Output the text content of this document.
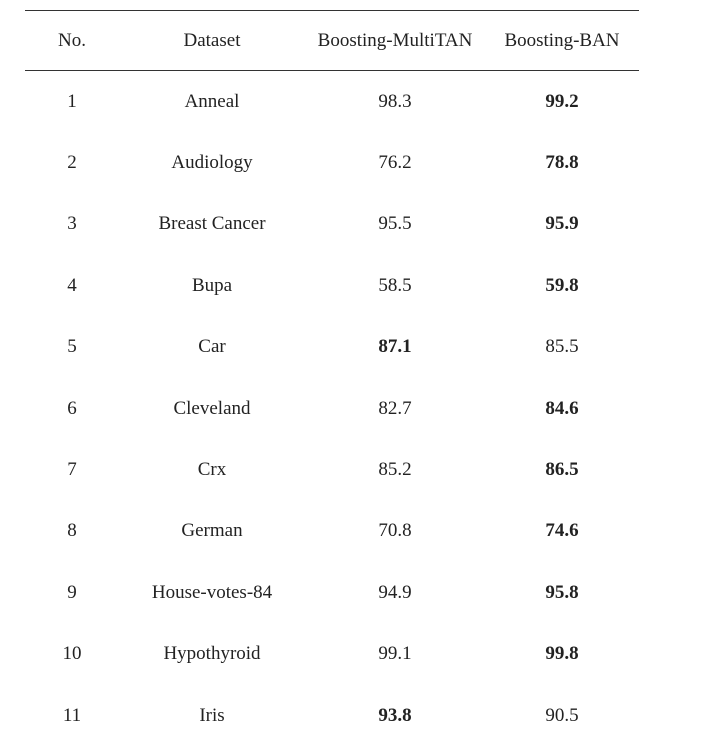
No.	Dataset	Boosting-MultiTAN	Boosting-BAN
1	Anneal	98.3	99.2
2	Audiology	76.2	78.8
3	Breast Cancer	95.5	95.9
4	Bupa	58.5	59.8
5	Car	87.1	85.5
6	Cleveland	82.7	84.6
7	Crx	85.2	86.5
8	German	70.8	74.6
9	House-votes-84	94.9	95.8
10	Hypothyroid	99.1	99.8
11	Iris	93.8	90.5
